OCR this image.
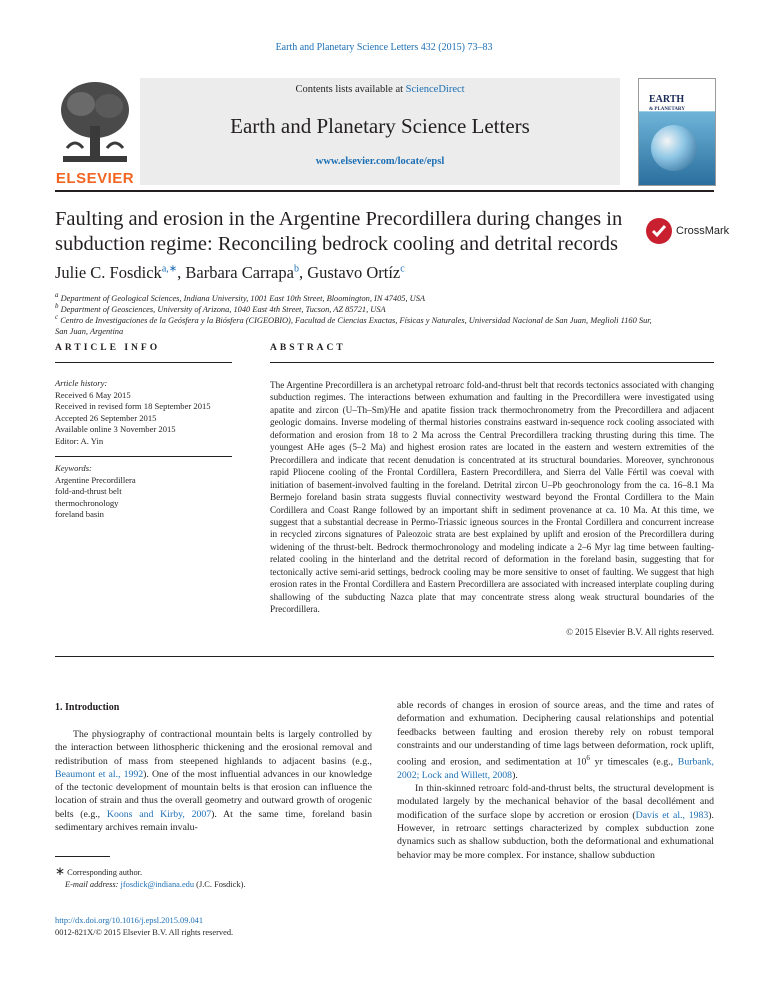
Earth and Planetary Science Letters 432 (2015) 73–83
ELSEVIER
Contents lists available at ScienceDirect
Earth and Planetary Science Letters
www.elsevier.com/locate/epsl
EARTH
& PLANETARY
Faulting and erosion in the Argentine Precordillera during changes in subduction regime: Reconciling bedrock cooling and detrital records
CrossMark
Julie C. Fosdick$^{a,∗}$, Barbara Carrapa$^b$, Gustavo Ortíz$^c$
$^a$ Department of Geological Sciences, Indiana University, 1001 East 10th Street, Bloomington, IN 47405, USA
$^b$ Department of Geosciences, University of Arizona, 1040 East 4th Street, Tucson, AZ 85721, USA
$^c$ Centro de Investigaciones de la Geósfera y la Biósfera (CIGEOBIO), Facultad de Ciencias Exactas, Físicas y Naturales, Universidad Nacional de San Juan, Meglioli 1160 Sur, San Juan, Argentina
ARTICLE INFO	ABSTRACT
Article history:
Received 6 May 2015
Received in revised form 18 September 2015
Accepted 26 September 2015
Available online 3 November 2015
Editor: A. Yin
Keywords:
Argentine Precordillera
fold-and-thrust belt
thermochronology
foreland basin
The Argentine Precordillera is an archetypal retroarc fold-and-thrust belt that records tectonics associated with changing subduction regimes. The interactions between exhumation and faulting in the Precordillera were investigated using apatite and zircon (U–Th–Sm)/He and apatite fission track thermochronometry from the Precordillera and adjacent geologic domains. Inverse modeling of thermal histories constrains eastward in-sequence rock cooling associated with deformation and erosion from 18 to 2 Ma across the Central Precordillera tracking thrusting during this time. The youngest AHe ages (5–2 Ma) and highest erosion rates are located in the eastern and western extremities of the Precordillera and indicate that recent denudation is concentrated at its structural boundaries. Moreover, synchronous rapid Pliocene cooling of the Frontal Cordillera, Eastern Precordillera, and Sierra del Valle Fértil was coeval with initiation of basement-involved faulting in the foreland. Detrital zircon U–Pb geochronology from the ca. 16–8.1 Ma Bermejo foreland basin strata suggests fluvial connectivity westward beyond the Frontal Cordillera to the Main Cordillera and Coast Range followed by an important shift in sediment provenance at ca. 10 Ma. At this time, we suggest that a substantial decrease in Permo-Triassic igneous sources in the Frontal Cordillera and concurrent increase in recycled zircons signatures of Paleozoic strata are best explained by uplift and erosion of the Precordillera during widening of the thrust-belt. Bedrock thermochronology and modeling indicate a 2–6 Myr lag time between faulting-related cooling in the hinterland and the detrital record of deformation in the foreland basin, suggesting that for tectonically active semi-arid settings, bedrock cooling may be more sensitive to onset of faulting. We suggest that high erosion rates in the Frontal Cordillera and Eastern Precordillera are associated with increased interplate coupling during shallowing of the subducting Nazca plate that may concentrate stress along weak structural boundaries of the Precordillera.
© 2015 Elsevier B.V. All rights reserved.
1. Introduction

The physiography of contractional mountain belts is largely controlled by the interaction between lithospheric thickening and the erosional removal and redistribution of mass from steepened highlands to adjacent basins (e.g., Beaumont et al., 1992). One of the most influential advances in our knowledge of the tectonic development of mountain belts is that erosion can influence the location of strain and thus the overall geometry and outward growth of orogenic belts (e.g., Koons and Kirby, 2007). At the same time, foreland basin sedimentary archives remain invalu-

able records of changes in erosion of source areas, and the time and rates of deformation and exhumation. Deciphering causal relationships and potential feedbacks between faulting and erosion thereby rely on robust temporal constraints and our understanding of time lags between deformation, rock uplift, cooling and erosion, and sedimentation at $10^6$ yr timescales (e.g., Burbank, 2002; Lock and Willett, 2008).

In thin-skinned retroarc fold-and-thrust belts, the structural development is modulated largely by the mechanical behavior of the basal decollément and modification of the surface slope by accretion or erosion (Davis et al., 1983). However, in retroarc settings characterized by complex subduction zone dynamics such as shallow subduction, both the deformational and exhumational behavior may be more complex. For instance, shallow subduction

∗ Corresponding author.
E-mail address: jfosdick@indiana.edu (J.C. Fosdick).
http://dx.doi.org/10.1016/j.epsl.2015.09.041
0012-821X/© 2015 Elsevier B.V. All rights reserved.
